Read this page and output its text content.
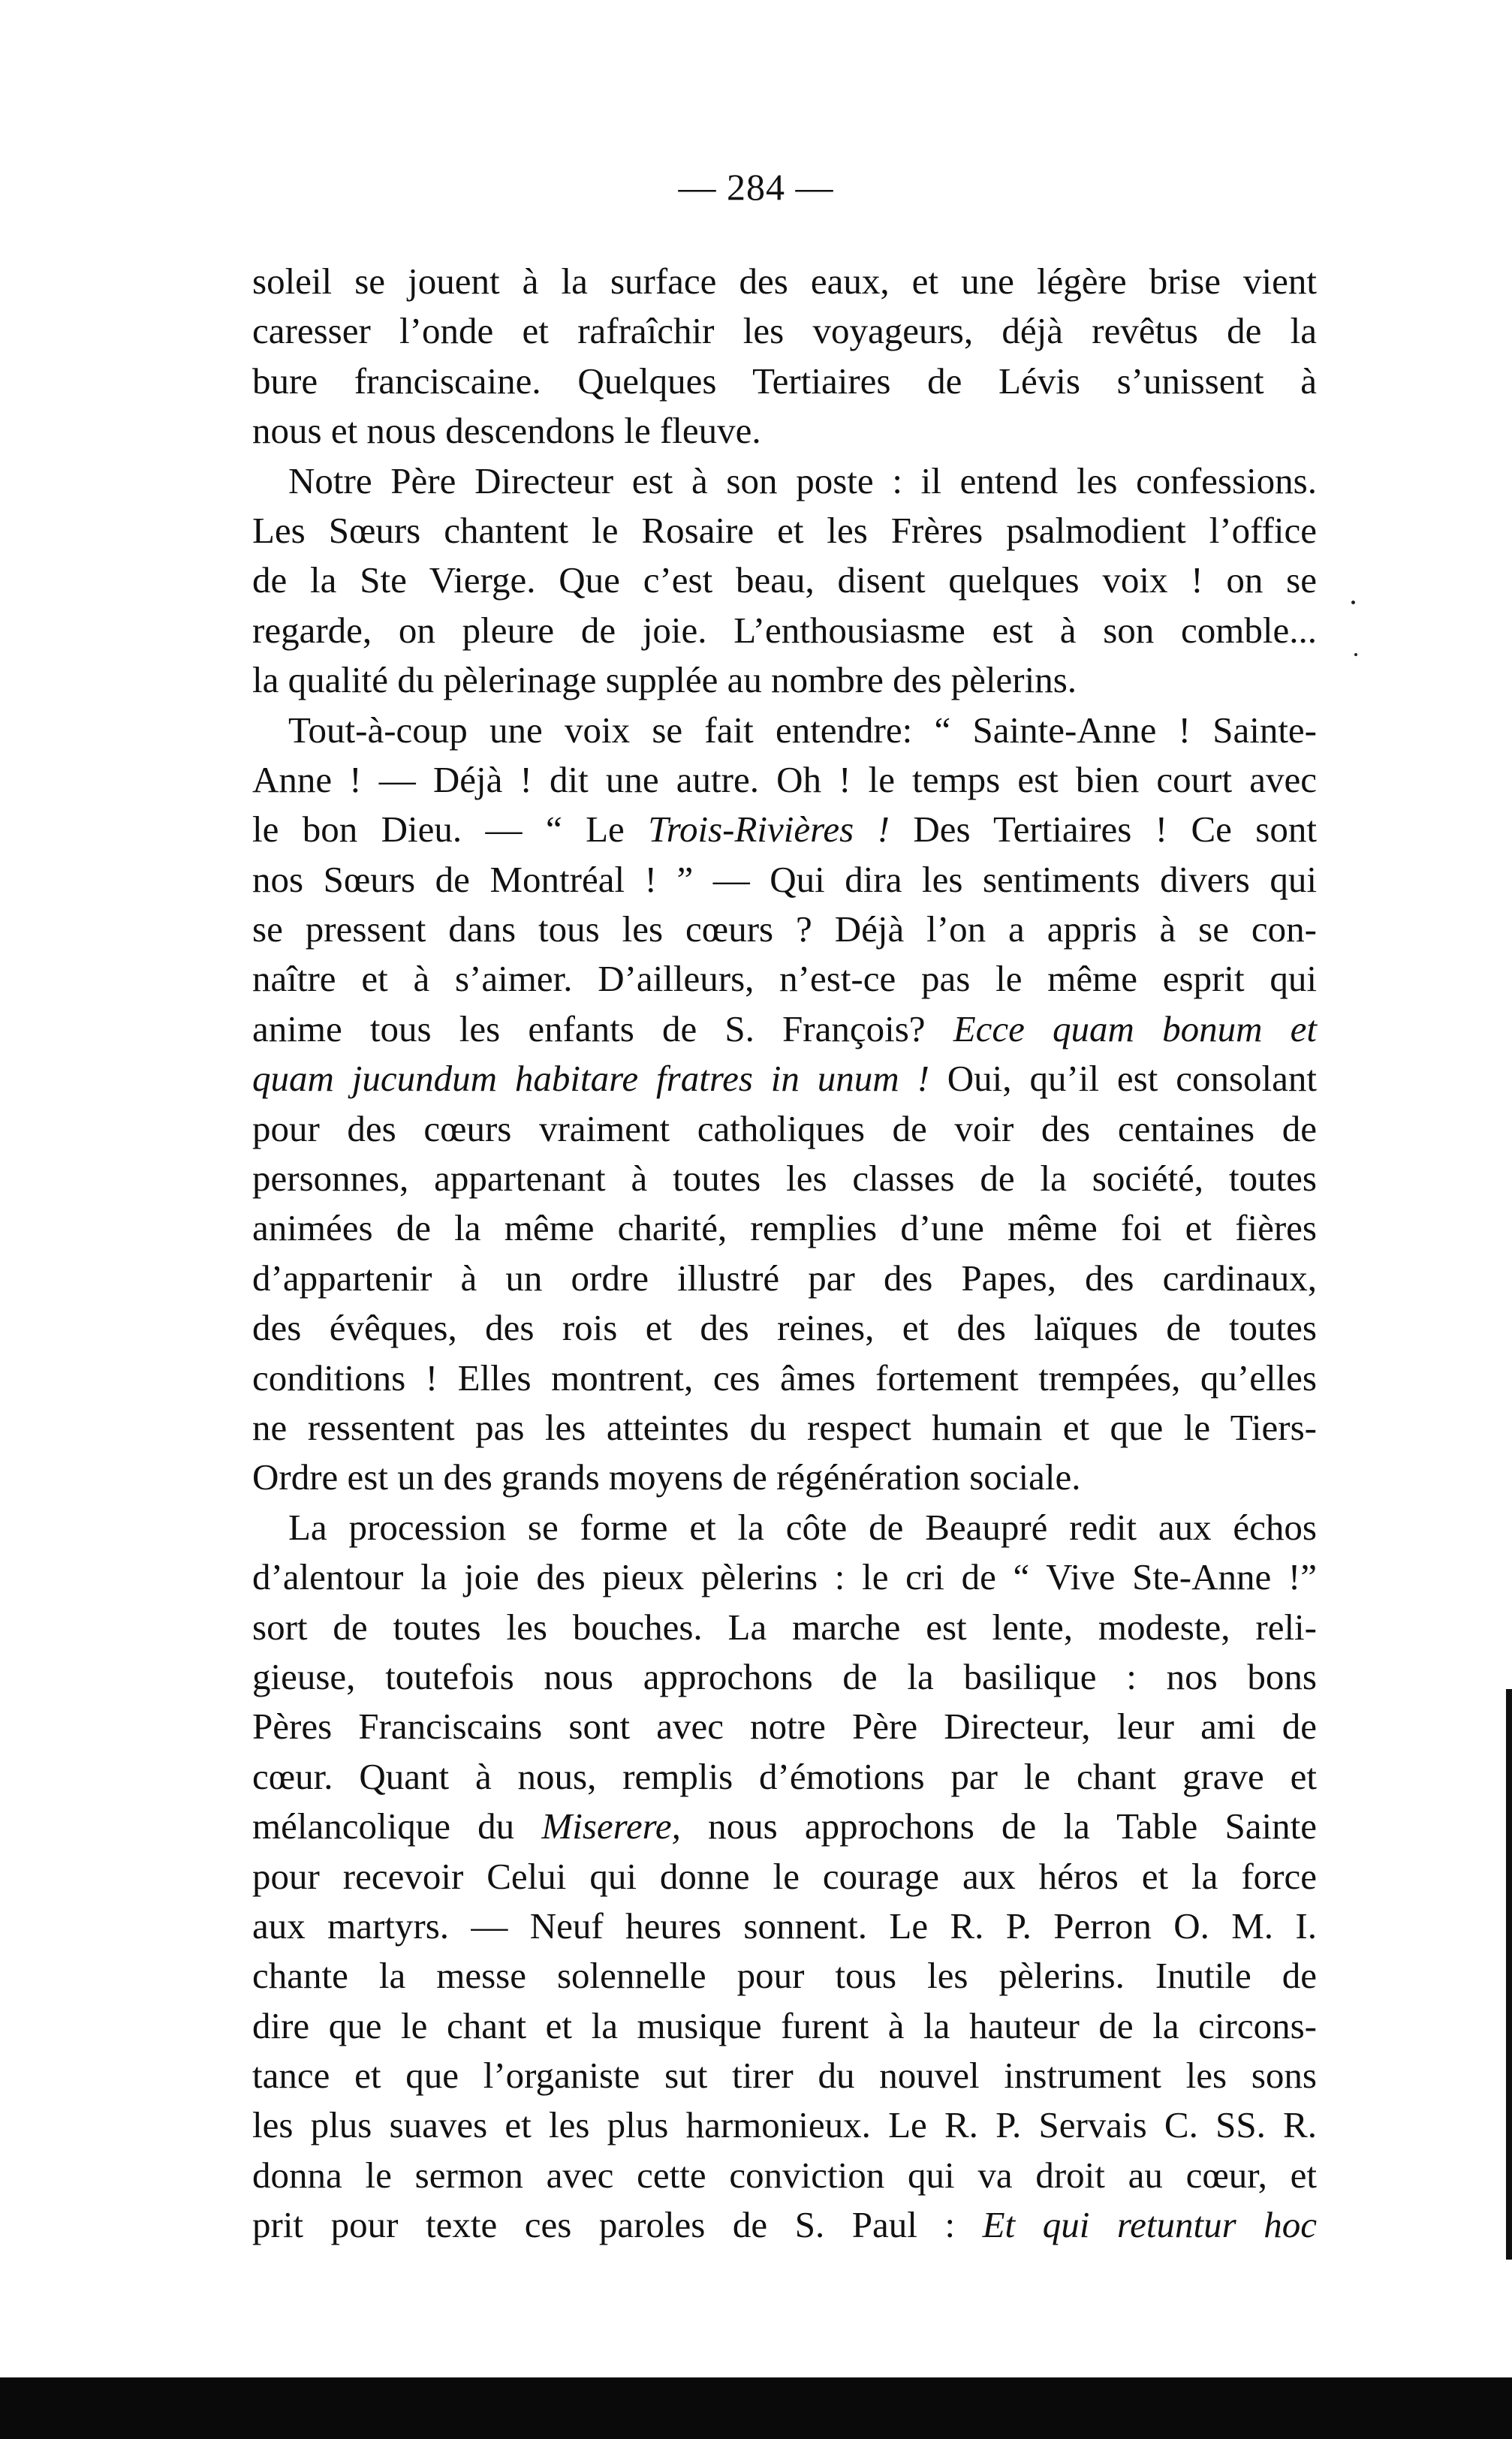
— 284 —
soleil se jouent à la surface des eaux, et une légère brise vient
caresser l’onde et rafraîchir les voyageurs, déjà revêtus de la
bure franciscaine. Quelques Tertiaires de Lévis s’unissent à
nous et nous descendons le fleuve.
Notre Père Directeur est à son poste : il entend les confessions.
Les Sœurs chantent le Rosaire et les Frères psalmodient l’office
de la Ste Vierge. Que c’est beau, disent quelques voix ! on se
regarde, on pleure de joie. L’enthousiasme est à son comble...
la qualité du pèlerinage supplée au nombre des pèlerins.
Tout-à-coup une voix se fait entendre: “ Sainte-Anne ! Sainte-
Anne ! — Déjà ! dit une autre. Oh ! le temps est bien court avec
le bon Dieu. — “ Le Trois-Rivières ! Des Tertiaires ! Ce sont
nos Sœurs de Montréal ! ” — Qui dira les sentiments divers qui
se pressent dans tous les cœurs ? Déjà l’on a appris à se con-
naître et à s’aimer. D’ailleurs, n’est-ce pas le même esprit qui
anime tous les enfants de S. François? Ecce quam bonum et
quam jucundum habitare fratres in unum ! Oui, qu’il est consolant
pour des cœurs vraiment catholiques de voir des centaines de
personnes, appartenant à toutes les classes de la société, toutes
animées de la même charité, remplies d’une même foi et fières
d’appartenir à un ordre illustré par des Papes, des cardinaux,
des évêques, des rois et des reines, et des laïques de toutes
conditions ! Elles montrent, ces âmes fortement trempées, qu’elles
ne ressentent pas les atteintes du respect humain et que le Tiers-
Ordre est un des grands moyens de régénération sociale.
La procession se forme et la côte de Beaupré redit aux échos
d’alentour la joie des pieux pèlerins : le cri de “ Vive Ste-Anne !”
sort de toutes les bouches. La marche est lente, modeste, reli-
gieuse, toutefois nous approchons de la basilique : nos bons
Pères Franciscains sont avec notre Père Directeur, leur ami de
cœur. Quant à nous, remplis d’émotions par le chant grave et
mélancolique du Miserere, nous approchons de la Table Sainte
pour recevoir Celui qui donne le courage aux héros et la force
aux martyrs. — Neuf heures sonnent. Le R. P. Perron O. M. I.
chante la messe solennelle pour tous les pèlerins. Inutile de
dire que le chant et la musique furent à la hauteur de la circons-
tance et que l’organiste sut tirer du nouvel instrument les sons
les plus suaves et les plus harmonieux. Le R. P. Servais C. SS. R.
donna le sermon avec cette conviction qui va droit au cœur, et
prit pour texte ces paroles de S. Paul : Et qui retuntur hoc
